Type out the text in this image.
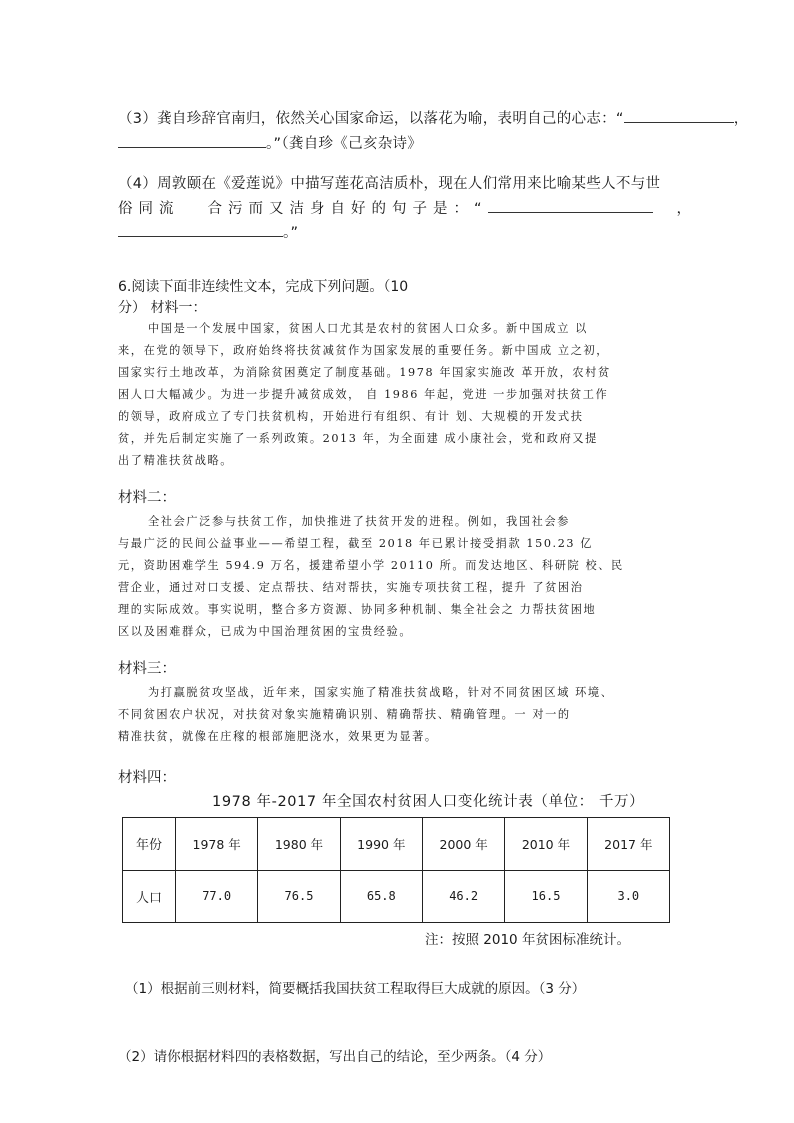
（3）龚自珍辞官南归，依然关心国家命运，以落花为喻，表明自己的心志：“	，
。”（龚自珍《己亥杂诗》
（4）周敦颐在《爱莲说》中描写莲花高洁质朴，现在人们常用来比喻某些人不与世
俗同流 合污而又洁身自好的句子是：“	，
。”
6.阅读下面非连续性文本，完成下列问题。（10
分） 材料一：
中国是一个发展中国家，贫困人口尤其是农村的贫困人口众多。新中国成立 以
来，在党的领导下，政府始终将扶贫减贫作为国家发展的重要任务。新中国成 立之初，
国家实行土地改革，为消除贫困奠定了制度基础。1978 年国家实施改 革开放，农村贫
困人口大幅减少。为进一步提升减贫成效， 自 1986 年起，党进 一步加强对扶贫工作
的领导，政府成立了专门扶贫机构，开始进行有组织、有计 划、大规模的开发式扶
贫，并先后制定实施了一系列政策。2013 年，为全面建 成小康社会，党和政府又提
出了精准扶贫战略。
材料二：
全社会广泛参与扶贫工作，加快推进了扶贫开发的进程。例如，我国社会参
与最广泛的民间公益事业——希望工程，截至 2018 年已累计接受捐款 150.23 亿
元，资助困难学生 594.9 万名，援建希望小学 20110 所。而发达地区、科研院 校、民
营企业，通过对口支援、定点帮扶、结对帮扶，实施专项扶贫工程，提升 了贫困治
理的实际成效。事实说明，整合多方资源、协同多种机制、集全社会之 力帮扶贫困地
区以及困难群众，已成为中国治理贫困的宝贵经验。
材料三：
为打赢脱贫攻坚战，近年来，国家实施了精准扶贫战略，针对不同贫困区域 环境、
不同贫困农户状况，对扶贫对象实施精确识别、精确帮扶、精确管理。一 对一的
精准扶贫，就像在庄稼的根部施肥浇水，效果更为显著。
材料四：
1978 年-2017 年全国农村贫困人口变化统计表（单位： 千万）
年份	1978 年	1980 年	1990 年	2000 年	2010 年	2017 年
人口	77.0	76.5	65.8	46.2	16.5	3.0
注：按照 2010 年贫困标准统计。
（1）根据前三则材料，简要概括我国扶贫工程取得巨大成就的原因。（3 分）
（2）请你根据材料四的表格数据，写出自己的结论，至少两条。（4 分）
